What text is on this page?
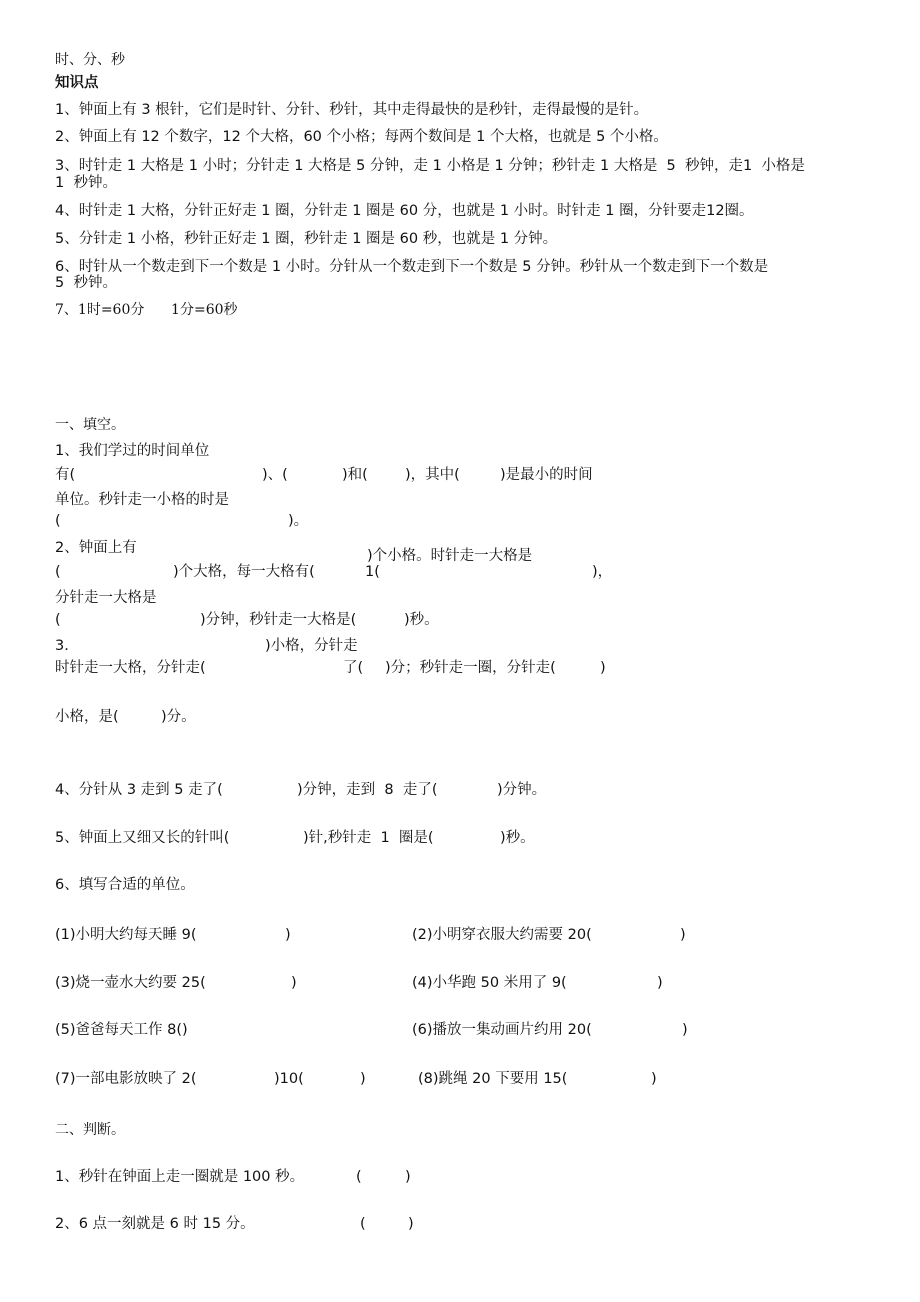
时、分、秒
知识点
1、钟面上有 3 根针，它们是时针、分针、秒针，其中走得最快的是秒针，走得最慢的是针。
2、钟面上有 12 个数字，12 个大格，60 个小格；每两个数间是 1 个大格，也就是 5 个小格。
3、时针走 1 大格是 1 小时；分针走 1 大格是 5 分钟，走 1 小格是 1 分钟；秒针走 1 大格是  5  秒钟，走1  小格是
1  秒钟。
4、时针走 1 大格，分针正好走 1 圈，分针走 1 圈是 60 分，也就是 1 小时。时针走 1 圈，分针要走12圈。
5、分针走 1 小格，秒针正好走 1 圈，秒针走 1 圈是 60 秒，也就是 1 分钟。
6、时针从一个数走到下一个数是 1 小时。分针从一个数走到下一个数是 5 分钟。秒针从一个数走到下一个数是
5  秒钟。
7、1时=60分      1分=60秒
一、填空。
1、我们学过的时间单位
有(	)、(	)和(	)，其中(	)是最小的时间
单位。秒针走一小格的时是
(	)。
2、钟面上有	)个小格。时针走一大格是
(	)个大格，每一大格有(	1(	)，
分针走一大格是
(	)分钟，秒针走一大格是(	)秒。
3.	)小格，分针走
时针走一大格，分针走(	了( )分；秒针走一圈，分针走(	)
小格，是(	)分。
4、分针从 3 走到 5 走了(	)分钟，走到  8  走了(	)分钟。
5、钟面上又细又长的针叫(	)针,秒针走  1  圈是(	)秒。
6、填写合适的单位。
(1)小明大约每天睡 9(	)	(2)小明穿衣服大约需要 20(	)
(3)烧一壶水大约要 25(	)	(4)小华跑 50 米用了 9(	)
(5)爸爸每天工作 8()	(6)播放一集动画片约用 20(	)
(7)一部电影放映了 2(	)10(	)	(8)跳绳 20 下要用 15(	)
二、判断。
1、秒针在钟面上走一圈就是 100 秒。	(	)
2、6 点一刻就是 6 时 15 分。	(	)
